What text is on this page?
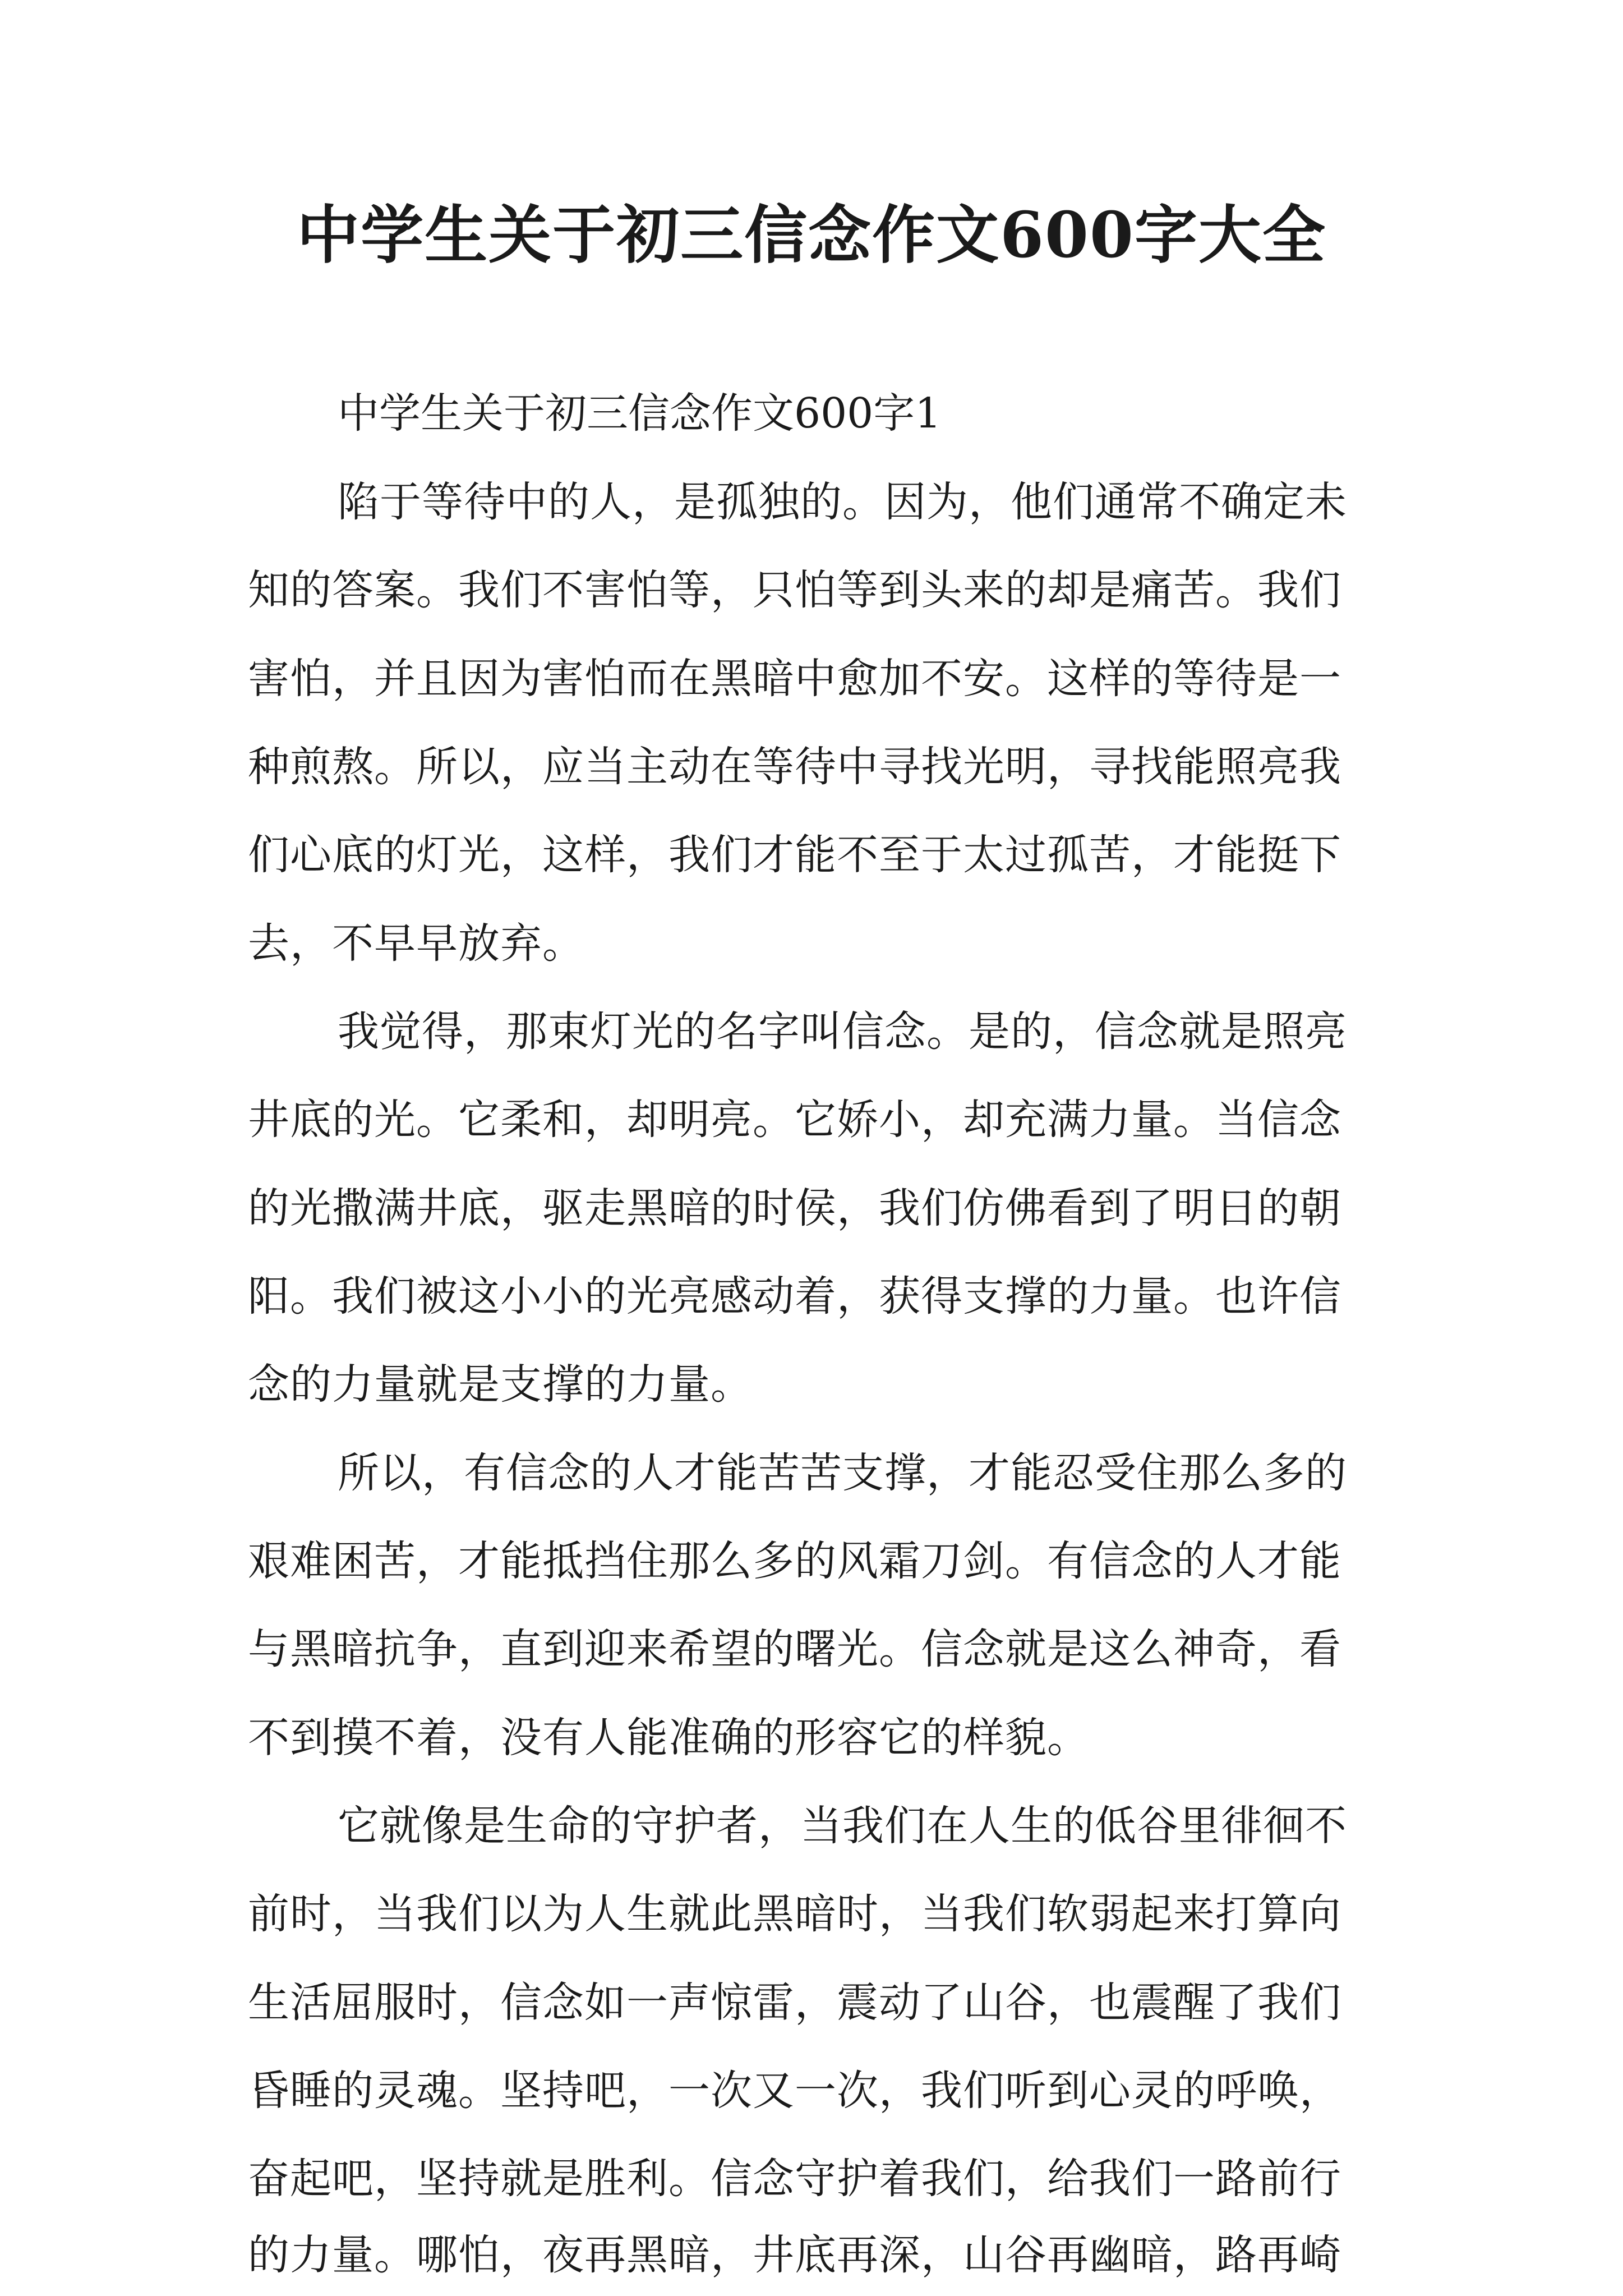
中学生关于初三信念作文600字大全

中学生关于初三信念作文600字1

陷于等待中的人，是孤独的。因为，他们通常不确定未

知的答案。我们不害怕等，只怕等到头来的却是痛苦。我们

害怕，并且因为害怕而在黑暗中愈加不安。这样的等待是一

种煎熬。所以，应当主动在等待中寻找光明，寻找能照亮我

们心底的灯光，这样，我们才能不至于太过孤苦，才能挺下

去，不早早放弃。

我觉得，那束灯光的名字叫信念。是的，信念就是照亮

井底的光。它柔和，却明亮。它娇小，却充满力量。当信念

的光撒满井底，驱走黑暗的时侯，我们仿佛看到了明日的朝

阳。我们被这小小的光亮感动着，获得支撑的力量。也许信

念的力量就是支撑的力量。

所以，有信念的人才能苦苦支撑，才能忍受住那么多的

艰难困苦，才能抵挡住那么多的风霜刀剑。有信念的人才能

与黑暗抗争，直到迎来希望的曙光。信念就是这么神奇，看

不到摸不着，没有人能准确的形容它的样貌。

它就像是生命的守护者，当我们在人生的低谷里徘徊不

前时，当我们以为人生就此黑暗时，当我们软弱起来打算向

生活屈服时，信念如一声惊雷，震动了山谷，也震醒了我们

昏睡的灵魂。坚持吧，一次又一次，我们听到心灵的呼唤，

奋起吧，坚持就是胜利。信念守护着我们，给我们一路前行

的力量。哪怕，夜再黑暗，井底再深，山谷再幽暗，路再崎
